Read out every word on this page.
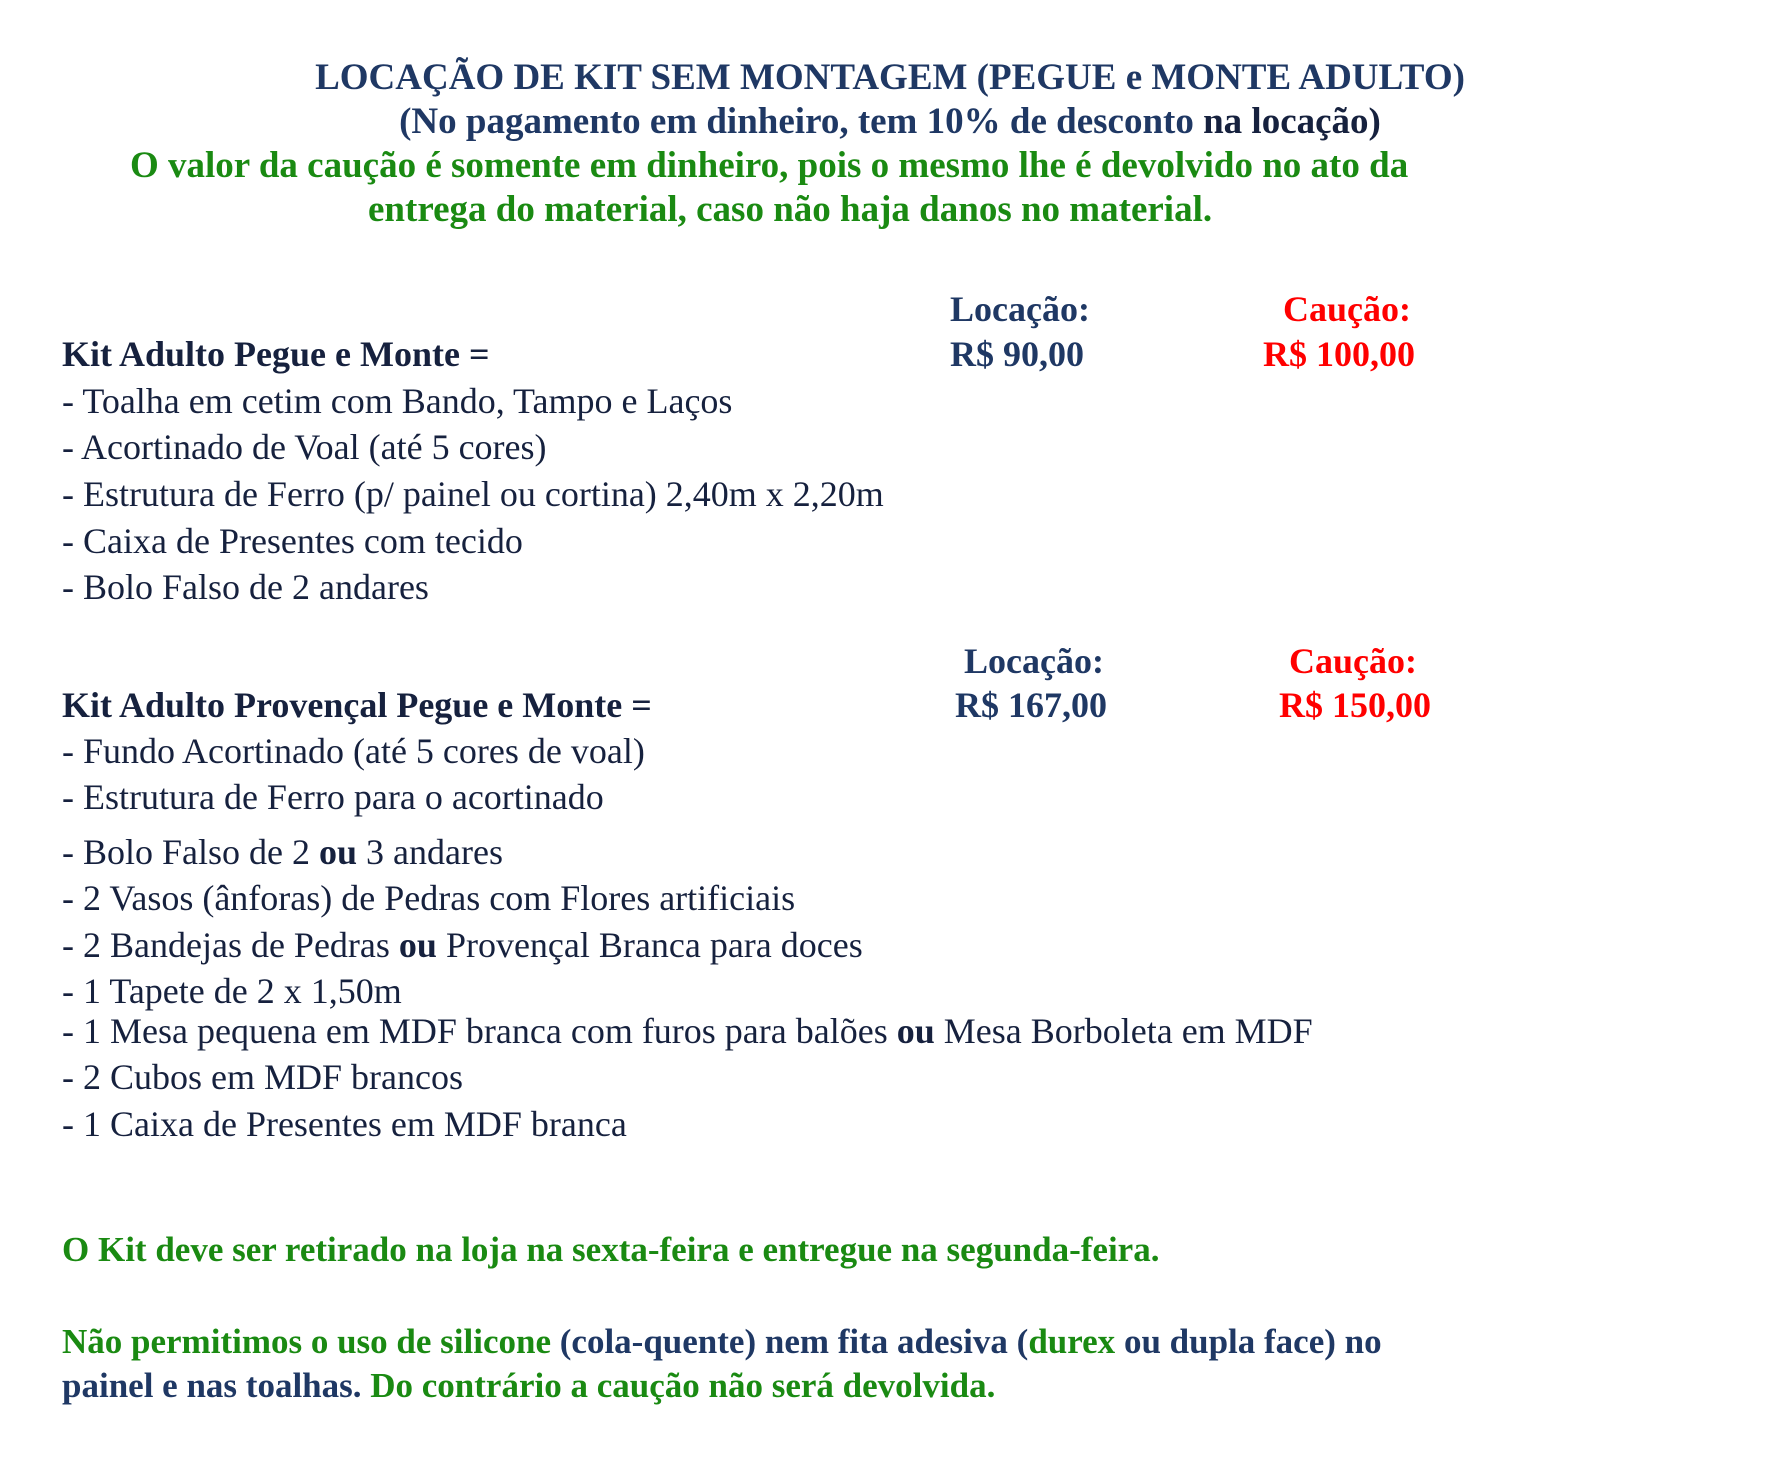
LOCAÇÃO DE KIT SEM MONTAGEM (PEGUE e MONTE ADULTO)
(No pagamento em dinheiro, tem 10% de desconto na locação)
O valor da caução é somente em dinheiro, pois o mesmo lhe é devolvido no ato da
entrega do material, caso não haja danos no material.
Locação:	Caução:
Kit Adulto Pegue e Monte =	R$ 90,00	R$ 100,00
- Toalha em cetim com Bando, Tampo e Laços
- Acortinado de Voal (até 5 cores)
- Estrutura de Ferro (p/ painel ou cortina) 2,40m x 2,20m
- Caixa de Presentes com tecido
- Bolo Falso de 2 andares
Locação:	Caução:
Kit Adulto Provençal Pegue e Monte =	R$ 167,00	R$ 150,00
- Fundo Acortinado (até 5 cores de voal)
- Estrutura de Ferro para o acortinado
- Bolo Falso de 2 ou 3 andares
- 2 Vasos (ânforas) de Pedras com Flores artificiais
- 2 Bandejas de Pedras ou Provençal Branca para doces
- 1 Tapete de 2 x 1,50m
- 1 Mesa pequena em MDF branca com furos para balões ou Mesa Borboleta em MDF
- 2 Cubos em MDF brancos
- 1 Caixa de Presentes em MDF branca
O Kit deve ser retirado na loja na sexta-feira e entregue na segunda-feira.
Não permitimos o uso de silicone (cola-quente) nem fita adesiva (durex ou dupla face) no
painel e nas toalhas. Do contrário a caução não será devolvida.
